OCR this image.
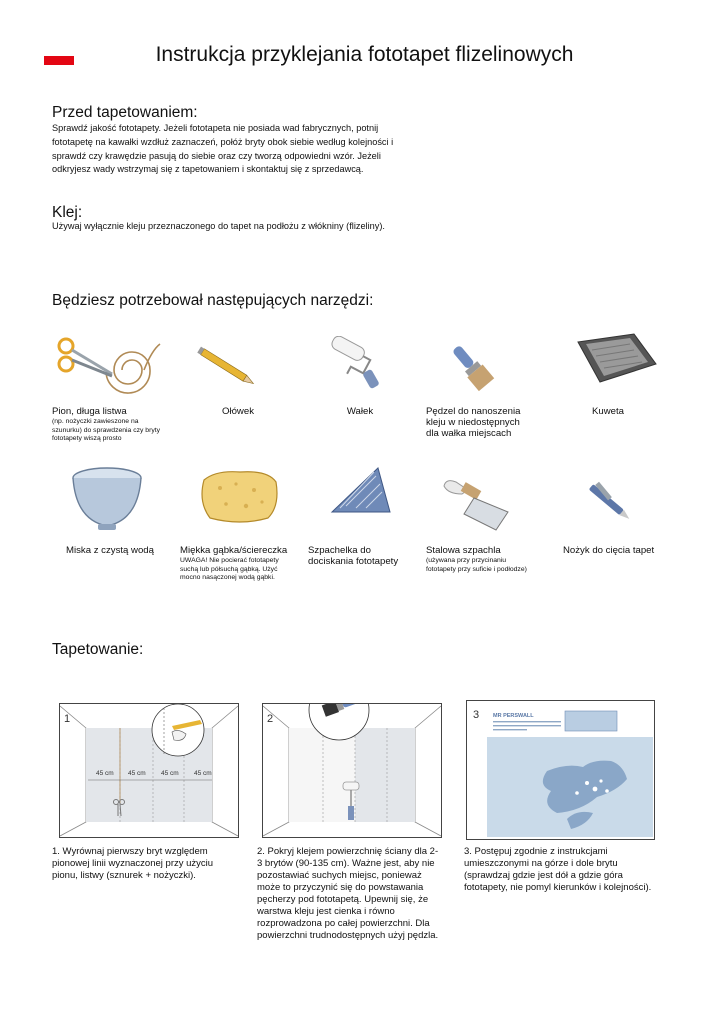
Instrukcja przyklejania fototapet flizelinowych
Przed tapetowaniem:
Sprawdź jakość fototapety. Jeżeli fototapeta nie posiada wad fabrycznych, potnij
fototapetę na kawałki wzdłuż zaznaczeń, połóż bryty obok siebie według kolejności i
sprawdź czy krawędzie pasują do siebie oraz czy tworzą odpowiedni wzór. Jeżeli
odkryjesz wady wstrzymaj się z tapetowaniem i skontaktuj się z sprzedawcą.
Klej:
Używaj wyłącznie kleju przeznaczonego do tapet na podłożu z włókniny (flizeliny).
Będziesz potrzebował następujących narzędzi:
Pion, długa listwa
(np. nożyczki zawieszone na
szunurku) do sprawdzenia czy bryty
fototapety wiszą prosto
Ołówek	Wałek	Pędzel do nanoszenia
kleju w niedostępnych
dla wałka miejscach
Kuweta
Miska z czystą wodą	Miękka gąbka/ściereczka
UWAGA! Nie pocierać fototapety
suchą lub półsuchą gąbką. Użyć
mocno nasączonej wodą gąbki.
Szpachelka do
dociskania fototapety
Stalowa szpachla
(używana przy przycinaniu
fototapety przy suficie i podłodze)
Nożyk do cięcia tapet
Tapetowanie:
1
45 cm 45 cm 45 cm 45 cm
2	3	MR PERSWALL
1. Wyrównaj pierwszy bryt względem
pionowej linii wyznaczonej przy użyciu
pionu, listwy (sznurek + nożyczki).
2. Pokryj klejem powierzchnię ściany dla 2-
3 brytów (90-135 cm). Ważne jest, aby nie
pozostawiać suchych miejsc, ponieważ
może to przyczynić się do powstawania
pęcherzy pod fototapetą. Upewnij się, że
warstwa kleju jest cienka i równo
rozprowadzona po całej powierzchni. Dla
powierzchni trudnodostępnych użyj pędzla.
3. Postępuj zgodnie z instrukcjami
umieszczonymi na górze i dole brytu
(sprawdzaj gdzie jest dół a gdzie góra
fototapety, nie pomyl kierunków i kolejności).
